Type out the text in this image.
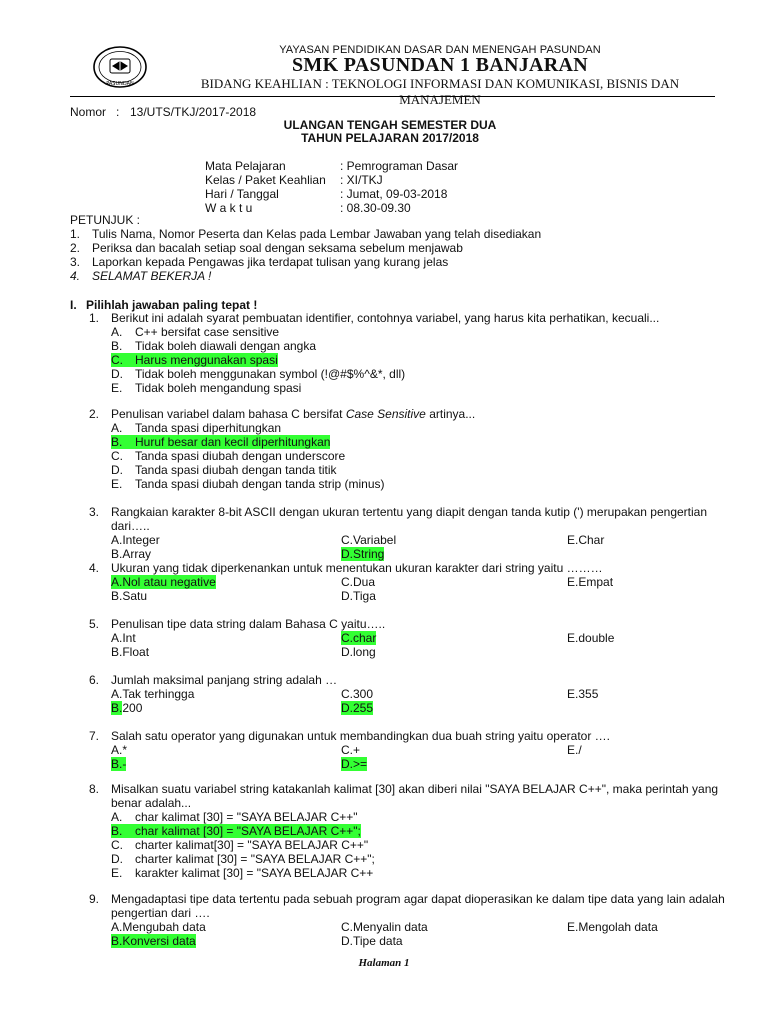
PASUNDAN
YAYASAN PENDIDIKAN DASAR DAN MENENGAH PASUNDAN
SMK PASUNDAN 1 BANJARAN
BIDANG KEAHLIAN : TEKNOLOGI INFORMASI DAN KOMUNIKASI, BISNIS DAN MANAJEMEN
Nomor : 13/UTS/TKJ/2017-2018
ULANGAN TENGAH SEMESTER DUA
TAHUN PELAJARAN 2017/2018
Mata Pelajaran	: Pemrograman Dasar
Kelas / Paket Keahlian : XI/TKJ
Hari / Tanggal	: Jumat, 09-03-2018
W a k t u	: 08.30-09.30
PETUNJUK :
1. Tulis Nama, Nomor Peserta dan Kelas pada Lembar Jawaban yang telah disediakan
2. Periksa dan bacalah setiap soal dengan seksama sebelum menjawab
3. Laporkan kepada Pengawas jika terdapat tulisan yang kurang jelas
4. SELAMAT BEKERJA !
I. Pilihlah jawaban paling tepat !
1. Berikut ini adalah syarat pembuatan identifier, contohnya variabel, yang harus kita perhatikan, kecuali...
A. C++ bersifat case sensitive
B. Tidak boleh diawali dengan angka
C. Harus menggunakan spasi
D. Tidak boleh menggunakan symbol (!@#$%^&*, dll)
E. Tidak boleh mengandung spasi
2. Penulisan variabel dalam bahasa C bersifat Case Sensitive artinya...
A. Tanda spasi diperhitungkan
B. Huruf besar dan kecil diperhitungkan
C. Tanda spasi diubah dengan underscore
D. Tanda spasi diubah dengan tanda titik
E. Tanda spasi diubah dengan tanda strip (minus)
3. Rangkaian karakter 8-bit ASCII dengan ukuran tertentu yang diapit dengan tanda kutip (') merupakan pengertian dari…..
A.Integer	C.Variabel	E.Char
B.Array	D.String
4. Ukuran yang tidak diperkenankan untuk menentukan ukuran karakter dari string yaitu ………
A.Nol atau negative	C.Dua	E.Empat
B.Satu	D.Tiga
5. Penulisan tipe data string dalam Bahasa C yaitu…..
A.Int	C.char	E.double
B.Float	D.long
6. Jumlah maksimal panjang string adalah …
A.Tak terhingga	C.300	E.355
B.200	D.255
7. Salah satu operator yang digunakan untuk membandingkan dua buah string yaitu operator ….
A.*	C.+	E./
B.-	D.>=
8. Misalkan suatu variabel string katakanlah kalimat [30] akan diberi nilai "SAYA BELAJAR C++", maka perintah yang benar adalah...
A. char kalimat [30] = "SAYA BELAJAR C++"
B. char kalimat [30] = "SAYA BELAJAR C++";
C. charter kalimat[30] = "SAYA BELAJAR C++"
D. charter kalimat [30] = "SAYA BELAJAR C++";
E. karakter kalimat [30] = "SAYA BELAJAR C++
9. Mengadaptasi tipe data tertentu pada sebuah program agar dapat dioperasikan ke dalam tipe data yang lain adalah pengertian dari ….
A.Mengubah data	C.Menyalin data	E.Mengolah data
B.Konversi data	D.Tipe data
Halaman 1
